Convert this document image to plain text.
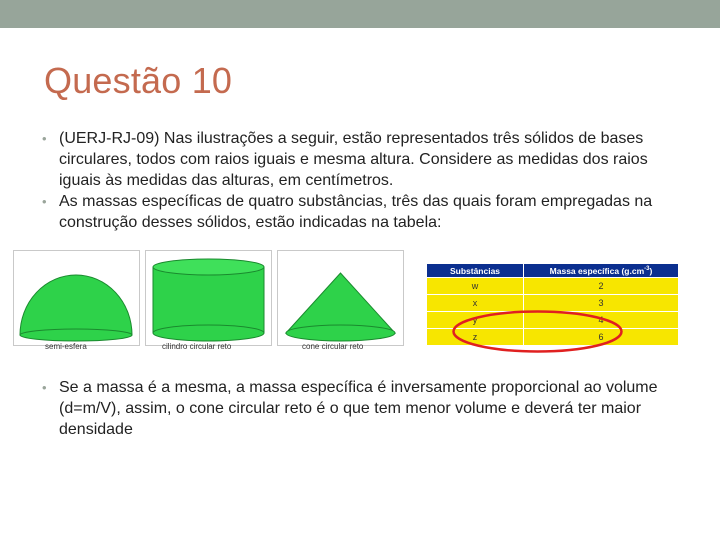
Questão 10
• (UERJ-RJ-09) Nas ilustrações a seguir, estão representados três sólidos de bases circulares, todos com raios iguais e mesma altura. Considere as medidas dos raios iguais às medidas das alturas, em centímetros.
• As massas específicas de quatro substâncias, três das quais foram empregadas na construção desses sólidos, estão indicadas na tabela:
semi-esfera	cilindro circular reto	cone circular reto
Substâncias	Massa específica $(g.cm^{-3})$
w	2
x	3
y	4
z	6
• Se a massa é a mesma, a massa específica é inversamente proporcional ao volume (d=m/V), assim, o cone circular reto é o que tem menor volume e deverá ter maior densidade
